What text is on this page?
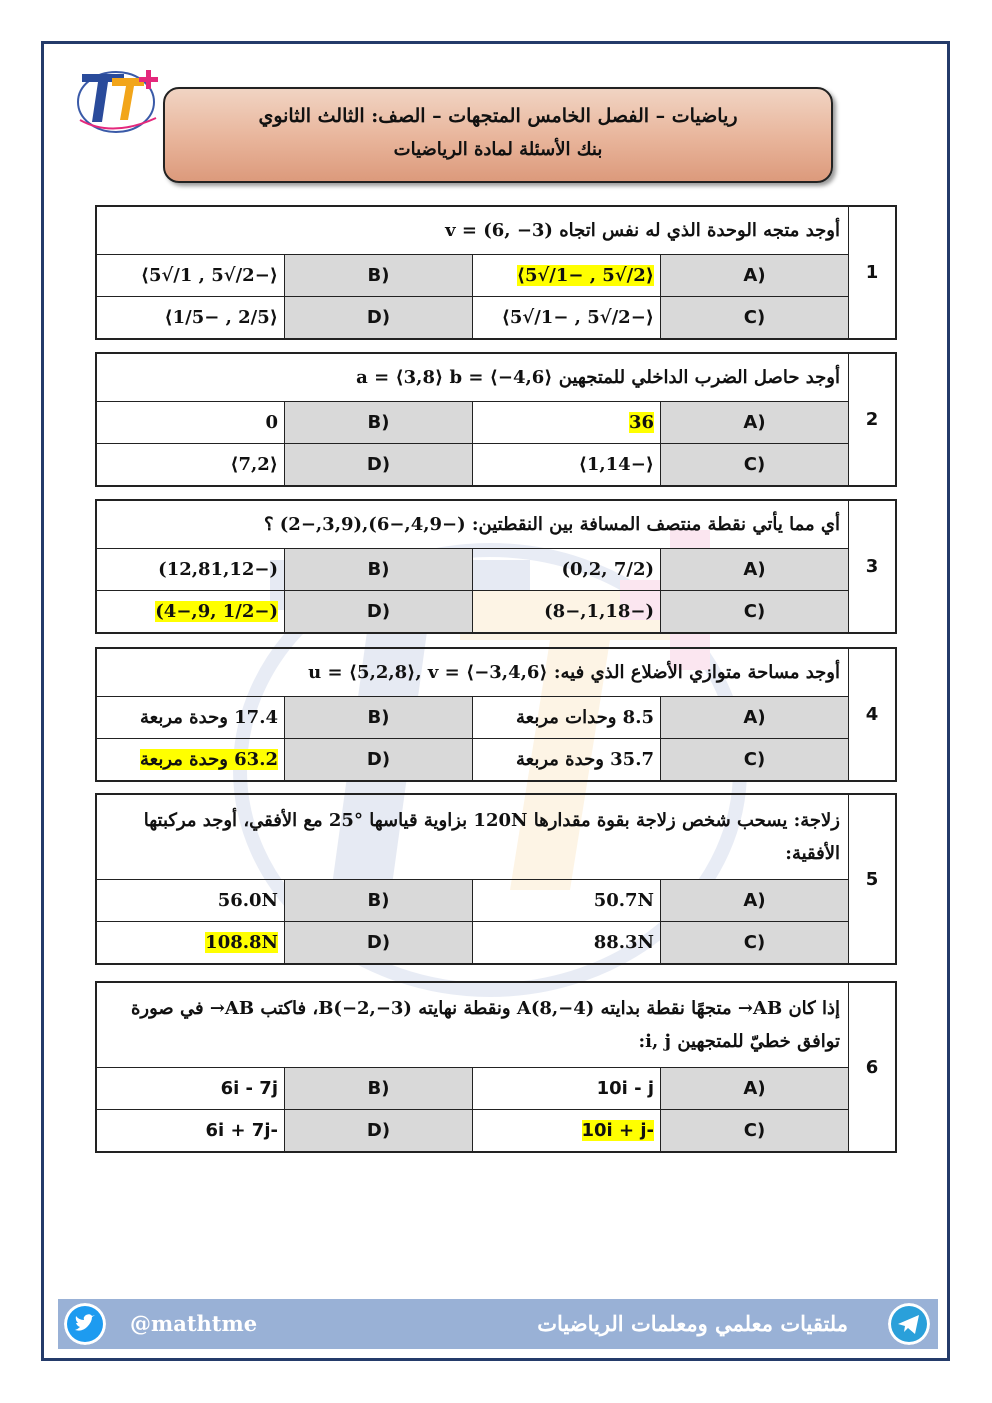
رياضيات – الفصل الخامس المتجهات – الصف: الثالث الثانوي
بنك الأسئلة لمادة الرياضيات
1	أوجد متجه الوحدة الذي له نفس اتجاه v = (6, −3)			
	(A	⟨2/√5 , −1/√5⟩	(B	⟨−2/√5 , 1/√5⟩
	(C	⟨−2/√5 , −1/√5⟩	(D	⟨2/5 , −1/5⟩
2	أوجد حاصل الضرب الداخلي للمتجهين a = ⟨3,8⟩ b = ⟨−4,6⟩			
	(A	36	(B	0
	(C	⟨−1,14⟩	(D	⟨7,2⟩
3	أي مما يأتي نقطة منتصف المسافة بين النقطتين: (−4,9,−6),(3,9,−2) ؟			
	(A	(7/2 ,0,2)	(B	(−12,81,12)
	(C	(−1,18,−8)	(D	(−1/2 ,9,−4)
4	أوجد مساحة متوازي الأضلاع الذي فيه: u = ⟨5,2,8⟩, v = ⟨−3,4,6⟩			
	(A	8.5 وحدات مربعة	(B	17.4 وحدة مربعة
	(C	35.7 وحدة مربعة	(D	63.2 وحدة مربعة
5	زلاجة: يسحب شخص زلاجة بقوة مقدارها 120N بزاوية قياسها °25 مع الأفقي، أوجد مركبتها الأفقية:			
	(A	50.7N	(B	56.0N
	(C	88.3N	(D	108.8N
6	إذا كان AB→ متجهًا نقطة بدايته A(8,−4) ونقطة نهايته B(−2,−3)، فاكتب AB→ في صورة توافق خطيّ للمتجهين i, j:			
	(A	10i - j	(B	6i - 7j
	(C	-10i + j	(D	-6i + 7j
ملتقيات معلمي ومعلمات الرياضيات
@mathtme
